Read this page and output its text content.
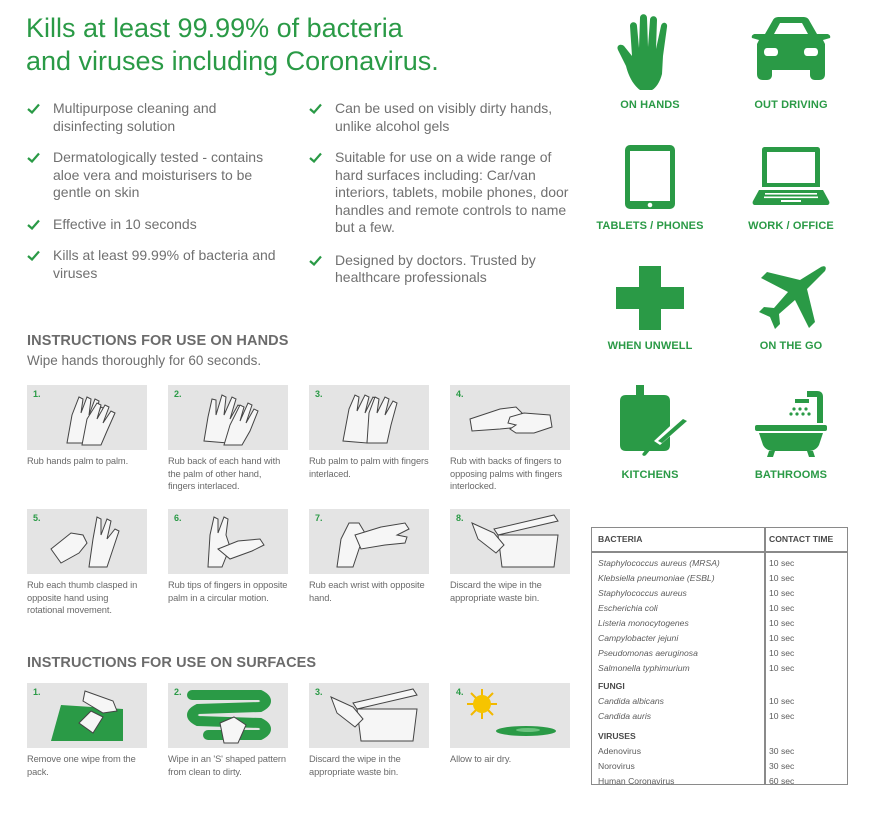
Kills at least 99.99% of bacteria
and viruses including Coronavirus.
Multipurpose cleaning and disinfecting solution
Dermatologically tested - contains aloe vera and moisturisers to be gentle on skin
Effective in 10 seconds
Kills at least 99.99% of bacteria and viruses
Can be used on visibly dirty hands, unlike alcohol gels
Suitable for use on a wide range of hard surfaces including: Car/van interiors, tablets, mobile phones, door handles and remote controls to name but a few.
Designed by doctors. Trusted by healthcare professionals
INSTRUCTIONS FOR USE ON HANDS
Wipe hands thoroughly for 60 seconds.
1.
Rub hands palm to palm.
2.
Rub back of each hand with the palm of other hand, fingers interlaced.
3.
Rub palm to palm with fingers interlaced.
4.
Rub with backs of fingers to opposing palms with fingers interlocked.
5.
Rub each thumb clasped in opposite hand using rotational movement.
6.
Rub tips of fingers in opposite palm in a circular motion.
7.
Rub each wrist with opposite hand.
8.
Discard the wipe in the appropriate waste bin.
INSTRUCTIONS FOR USE ON SURFACES
1.
Remove one wipe from the pack.
2.
Wipe in an 'S' shaped pattern from clean to dirty.
3.
Discard the wipe in the appropriate waste bin.
4.
Allow to air dry.
ON HANDS	OUT DRIVING
TABLETS / PHONES	WORK / OFFICE
WHEN UNWELL	ON THE GO
KITCHENS	BATHROOMS
BACTERIA	CONTACT TIME
Staphylococcus aureus (MRSA)	10 sec
Klebsiella pneumoniae (ESBL)	10 sec
Staphylococcus aureus	10 sec
Escherichia coli	10 sec
Listeria monocytogenes	10 sec
Campylobacter jejuni	10 sec
Pseudomonas aeruginosa	10 sec
Salmonella typhimurium	10 sec
FUNGI
Candida albicans	10 sec
Candida auris	10 sec
VIRUSES
Adenovirus	30 sec
Norovirus	30 sec
Human Coronavirus	60 sec
